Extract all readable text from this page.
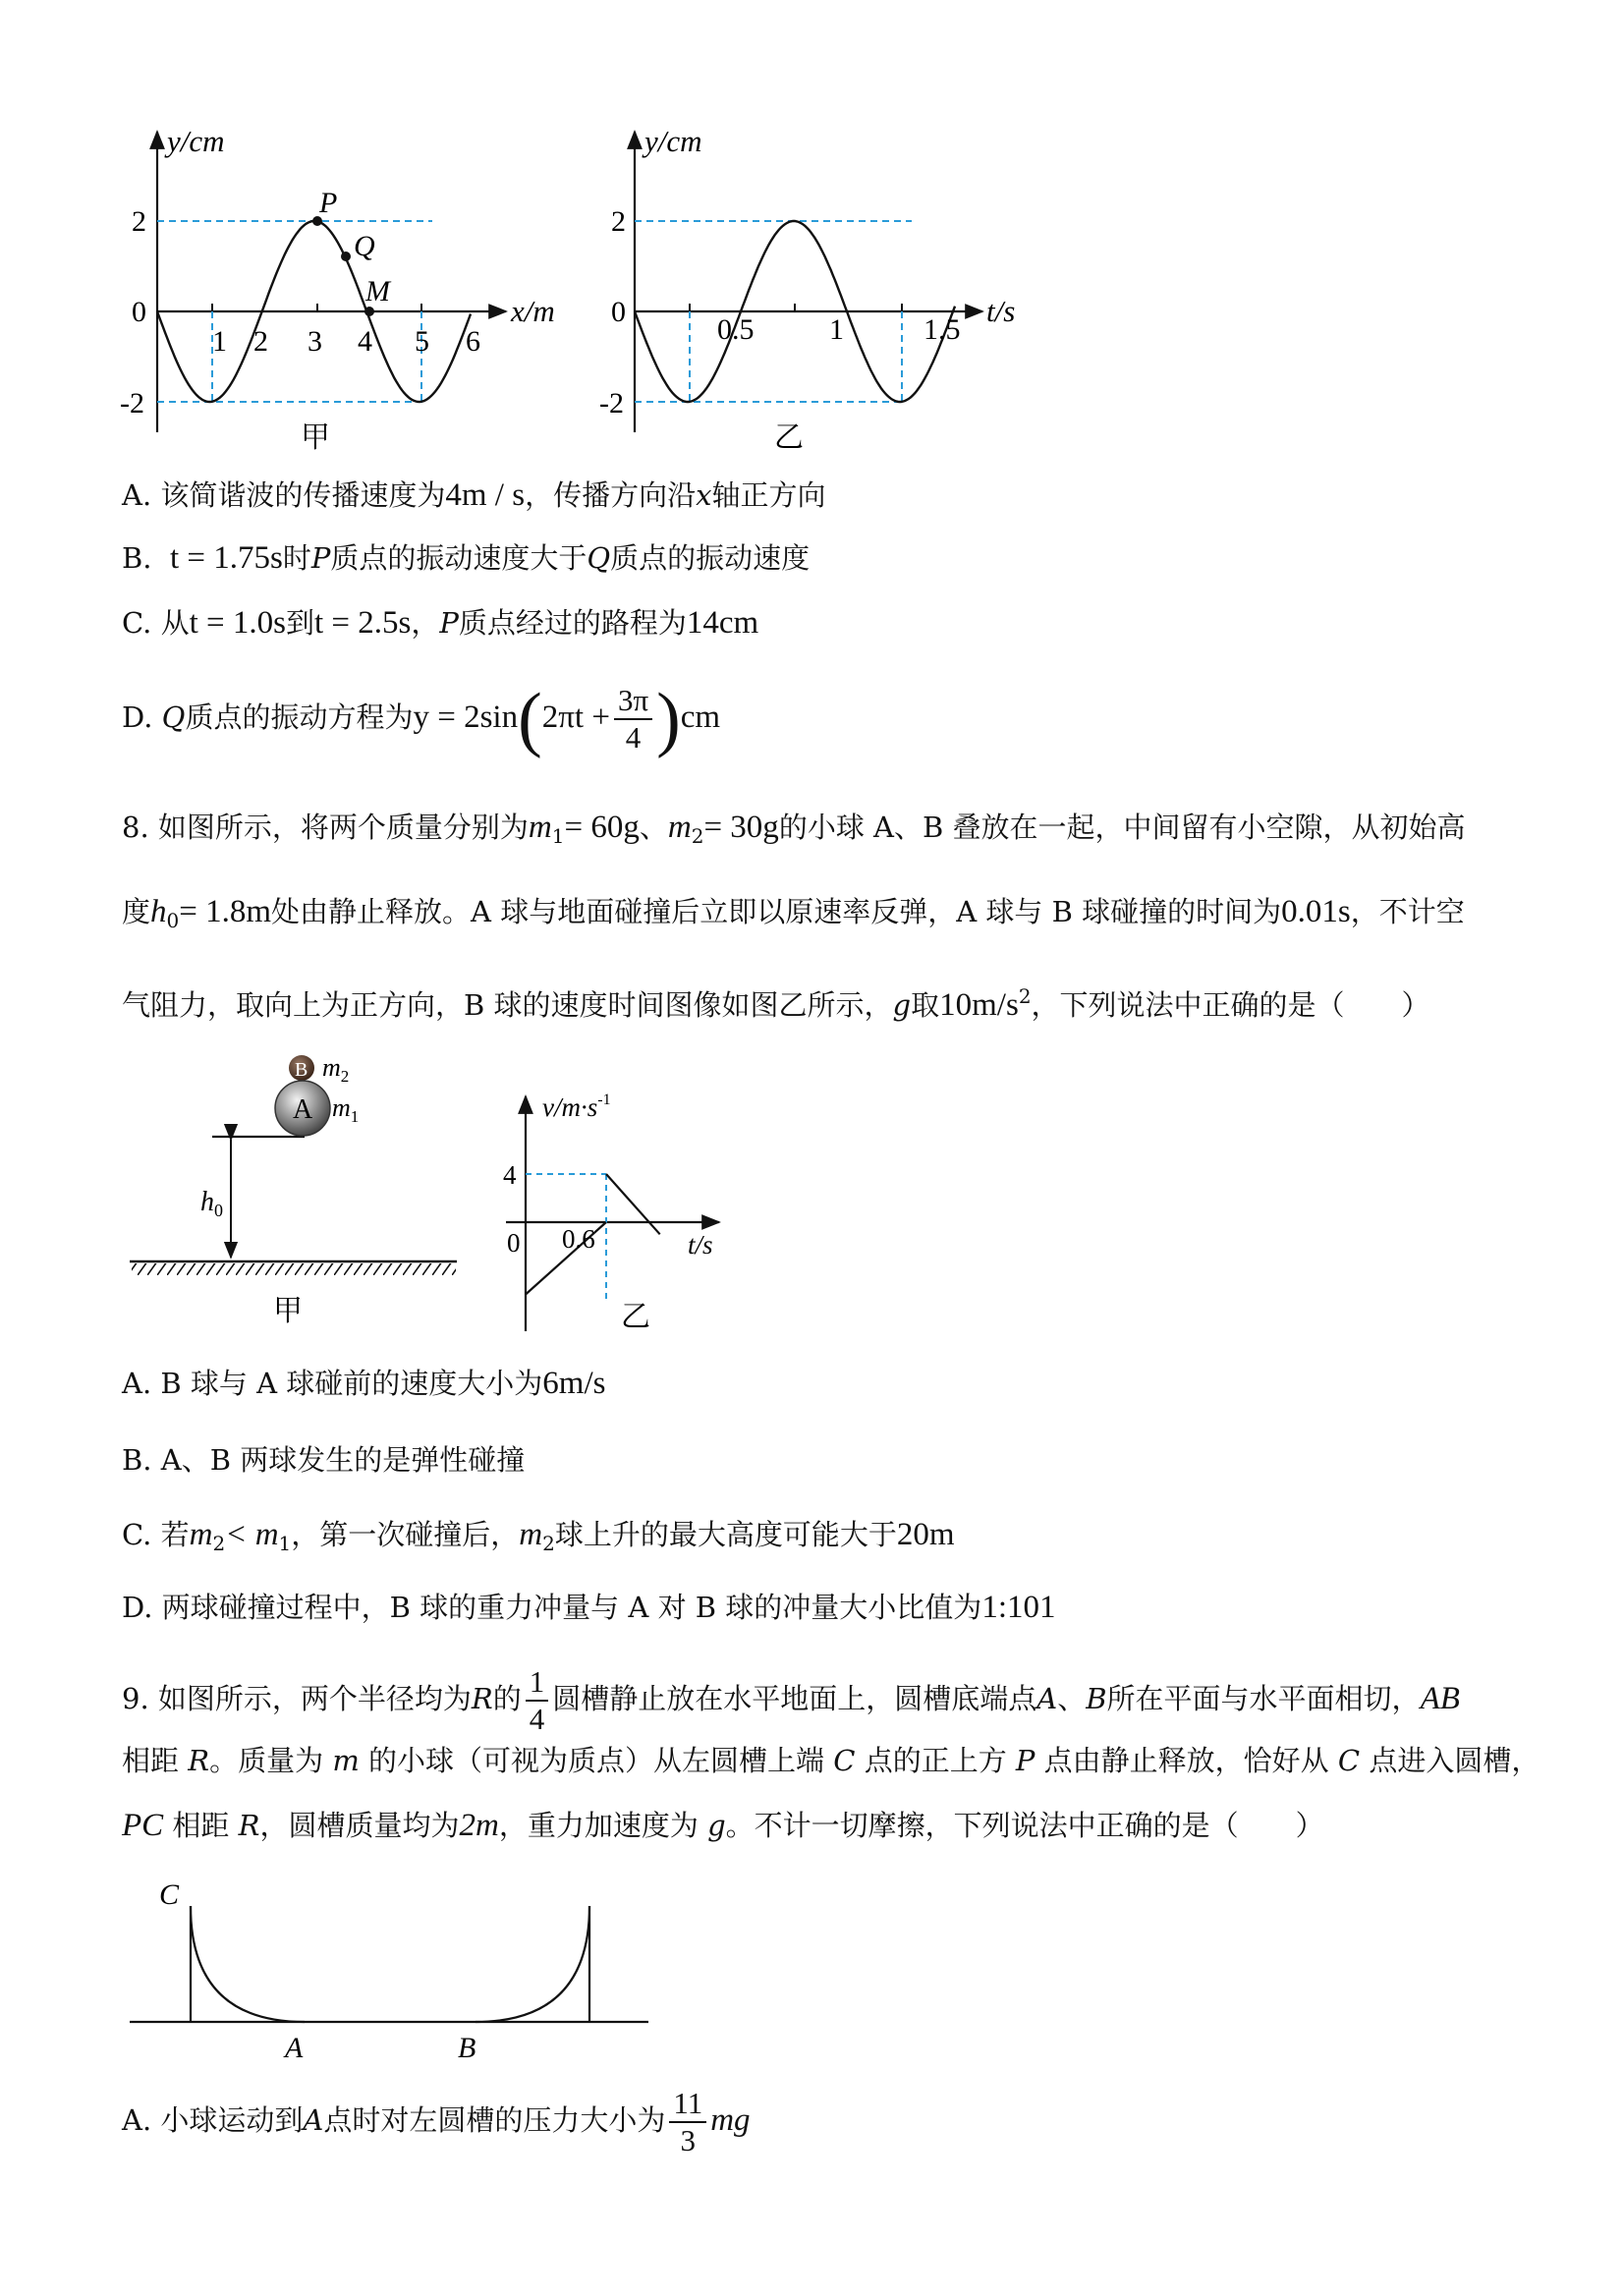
P
Q
M
y/cm
x/m
2
0
-2
1 2 3 4 5 6
甲
y/cm
t/s
2
0
-2
0.5	1	1.5
乙
A. 该简谐波的传播速度为4m / s，传播方向沿x轴正方向
B. t = 1.75s时P质点的振动速度大于Q质点的振动速度
C. 从t = 1.0s到t = 2.5s，P质点经过的路程为14cm
D. Q质点的振动方程为$y = 2\sin(2\pi t + \frac{3\pi}{4} )cm$
8. 如图所示，将两个质量分别为$m_1= 60g$、$m_2= 30g$的小球 A、B 叠放在一起，中间留有小空隙，从初始高
度$h_0= 1.8m$处由静止释放。A 球与地面碰撞后立即以原速率反弹，A 球与 B 球碰撞的时间为0.01s，不计空
气阻力，取向上为正方向，B 球的速度时间图像如图乙所示，g取$10m/s^2$，下列说法中正确的是（　　）
B
A
$m_2$
$m_1$
$h_0$
甲
$v/m\cdot s^{-1}$
t/s
4
0.6
0
乙
A. B 球与 A 球碰前的速度大小为6m/s
B. A、B 两球发生的是弹性碰撞
C. 若$m_2< m_1$，第一次碰撞后，$m_2$球上升的最大高度可能大于20m
D. 两球碰撞过程中，B 球的重力冲量与 A 对 B 球的冲量大小比值为1:101
9. 如图所示，两个半径均为R的 $\frac{1}{4}$ 圆槽静止放在水平地面上，圆槽底端点A、B所在平面与水平面相切，AB
相距 R。质量为 m 的小球（可视为质点）从左圆槽上端 C 点的正上方 P 点由静止释放，恰好从 C 点进入圆槽，
PC 相距 R，圆槽质量均为2m，重力加速度为 g。不计一切摩擦，下列说法中正确的是（　　）
C
A	B
A. 小球运动到A点时对左圆槽的压力大小为 $\frac{11}{3}$ mg
